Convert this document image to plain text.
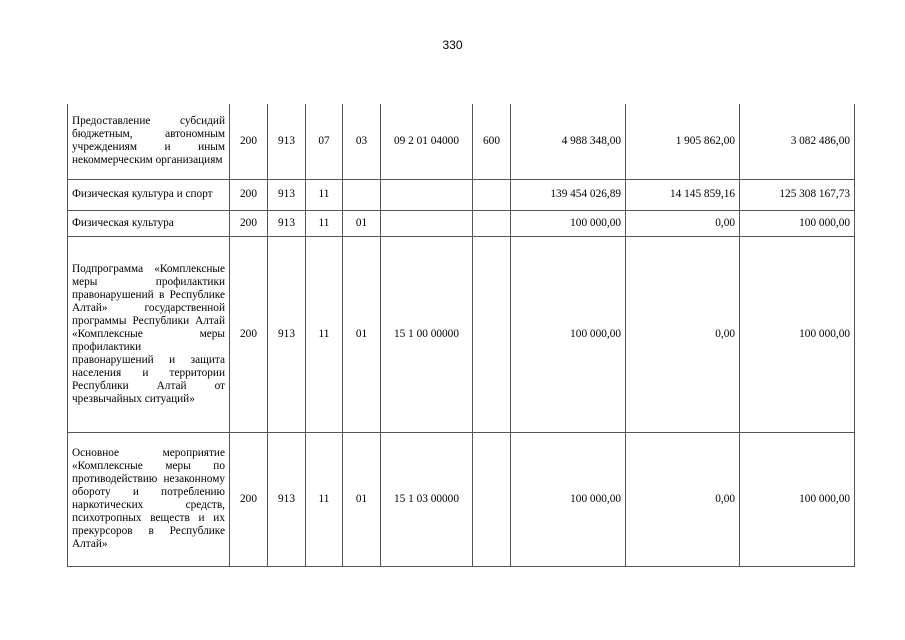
330
Предоставление субсидий бюджетным, автономным учреждениям и иным некоммерческим организациям	200	913	07	03	09 2 01 04000	600	4 988 348,00	1 905 862,00	3 082 486,00
Физическая культура и спорт	200	913	11				139 454 026,89	14 145 859,16	125 308 167,73
Физическая культура	200	913	11	01			100 000,00	0,00	100 000,00
Подпрограмма «Комплексные меры профилактики правонарушений в Республике Алтай» государственной программы Республики Алтай «Комплексные меры профилактики правонарушений и защита населения и территории Республики Алтай от чрезвычайных ситуаций»	200	913	11	01	15 1 00 00000		100 000,00	0,00	100 000,00
Основное мероприятие «Комплексные меры по противодействию незаконному обороту и потреблению наркотических средств, психотропных веществ и их прекурсоров в Республике Алтай»	200	913	11	01	15 1 03 00000		100 000,00	0,00	100 000,00
